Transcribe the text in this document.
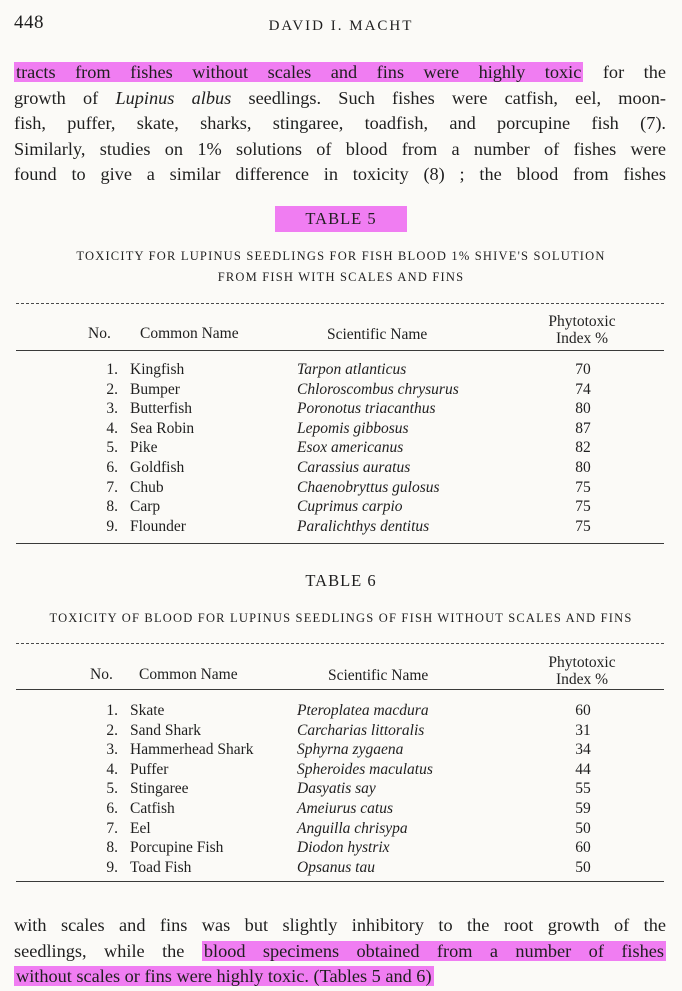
448	DAVID I. MACHT
tracts from fishes without scales and fins were highly toxic for the
growth of Lupinus albus seedlings. Such fishes were catfish, eel, moon-
fish, puffer, skate, sharks, stingaree, toadfish, and porcupine fish (7).
Similarly, studies on 1% solutions of blood from a number of fishes were
found to give a similar difference in toxicity (8) ; the blood from fishes
TABLE 5
TOXICITY FOR LUPINUS SEEDLINGS FOR FISH BLOOD 1% SHIVE'S SOLUTION
FROM FISH WITH SCALES AND FINS
No. Common Name	Scientific Name
Phytotoxic
Index %
1. Kingfish	Tarpon atlanticus	70
2. Bumper	Chloroscombus chrysurus	74
3. Butterfish	Poronotus triacanthus	80
4. Sea Robin	Lepomis gibbosus	87
5. Pike	Esox americanus	82
6. Goldfish	Carassius auratus	80
7. Chub	Chaenobryttus gulosus	75
8. Carp	Cuprimus carpio	75
9. Flounder	Paralichthys dentitus	75
TABLE 6
TOXICITY OF BLOOD FOR LUPINUS SEEDLINGS OF FISH WITHOUT SCALES AND FINS
No. Common Name	Scientific Name
Phytotoxic
Index %
1. Skate	Pteroplatea macdura	60
2. Sand Shark	Carcharias littoralis	31
3. Hammerhead Shark	Sphyrna zygaena	34
4. Puffer	Spheroides maculatus	44
5. Stingaree	Dasyatis say	55
6. Catfish	Ameiurus catus	59
7. Eel	Anguilla chrisypa	50
8. Porcupine Fish	Diodon hystrix	60
9. Toad Fish	Opsanus tau	50
with scales and fins was but slightly inhibitory to the root growth of the
seedlings, while the blood specimens obtained from a number of fishes
without scales or fins were highly toxic. (Tables 5 and 6)
